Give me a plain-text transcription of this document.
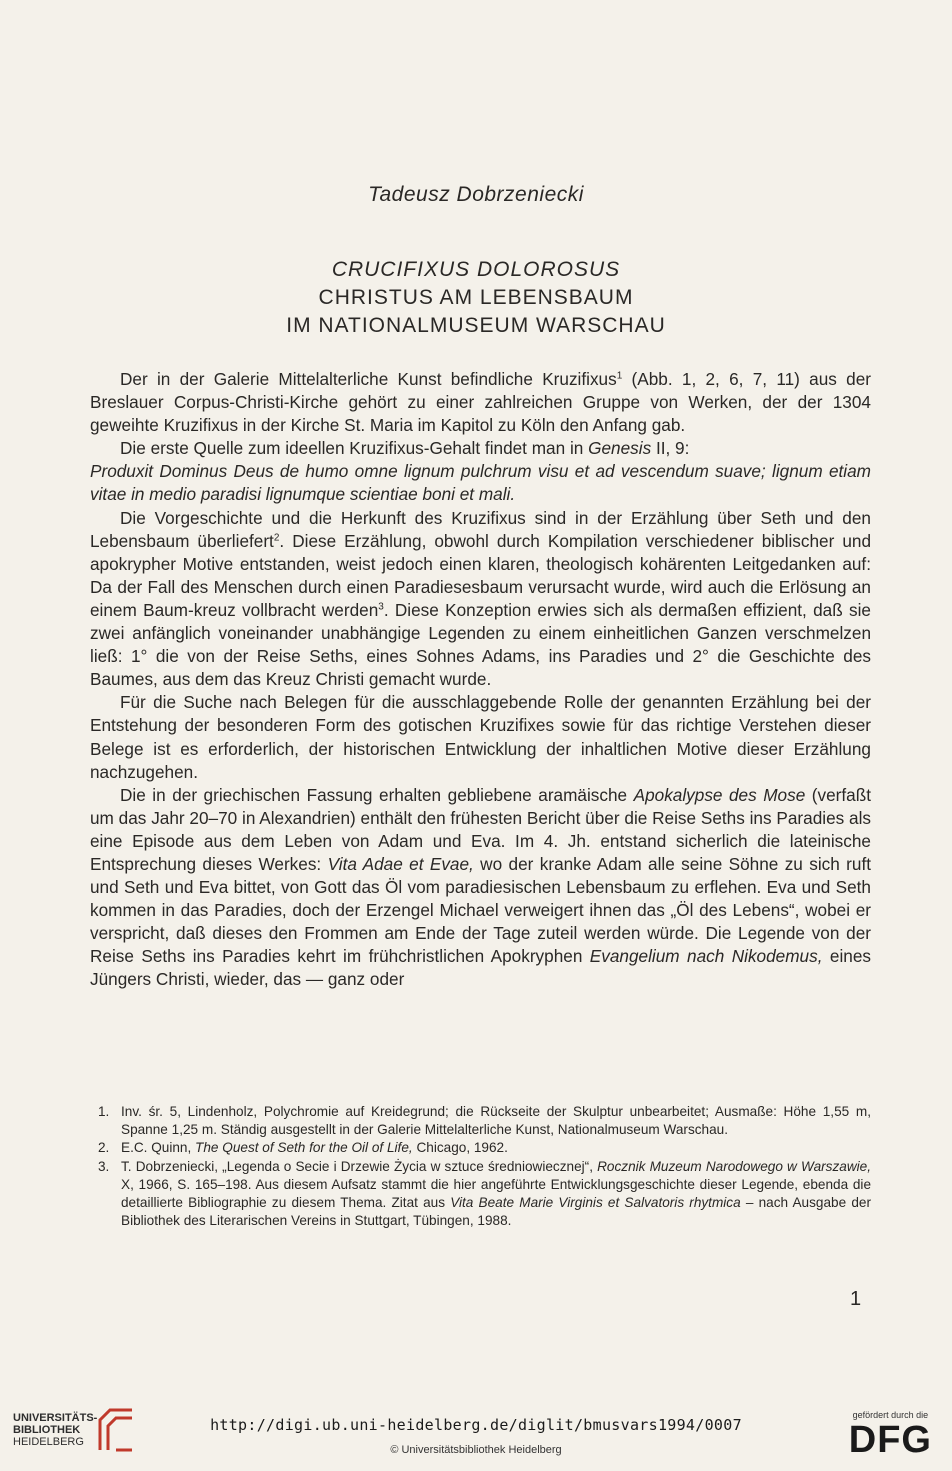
Tadeusz Dobrzeniecki
CRUCIFIXUS DOLOROSUS
CHRISTUS AM LEBENSBAUM
IM NATIONALMUSEUM WARSCHAU

Der in der Galerie Mittelalterliche Kunst befindliche Kruzifixus$^1$ (Abb. 1, 2, 6, 7, 11) aus der Breslauer Corpus-Christi-Kirche gehört zu einer zahlreichen Gruppe von Werken, der der 1304 geweihte Kruzifixus in der Kirche St. Maria im Kapitol zu Köln den Anfang gab.

Die erste Quelle zum ideellen Kruzifixus-Gehalt findet man in Genesis II, 9:

Produxit Dominus Deus de humo omne lignum pulchrum visu et ad vescendum suave; lignum etiam vitae in medio paradisi lignumque scientiae boni et mali.

Die Vorgeschichte und die Herkunft des Kruzifixus sind in der Erzählung über Seth und den Lebensbaum überliefert$^2$. Diese Erzählung, obwohl durch Kompilation verschiedener biblischer und apokrypher Motive entstanden, weist jedoch einen klaren, theologisch kohärenten Leitgedanken auf: Da der Fall des Menschen durch einen Paradiesesbaum verursacht wurde, wird auch die Erlösung an einem Baum-kreuz vollbracht werden$^3$. Diese Konzeption erwies sich als dermaßen effizient, daß sie zwei anfänglich voneinander unabhängige Legenden zu einem einheitlichen Ganzen verschmelzen ließ: 1° die von der Reise Seths, eines Sohnes Adams, ins Paradies und 2° die Geschichte des Baumes, aus dem das Kreuz Christi gemacht wurde.

Für die Suche nach Belegen für die ausschlaggebende Rolle der genannten Erzählung bei der Entstehung der besonderen Form des gotischen Kruzifixes sowie für das richtige Verstehen dieser Belege ist es erforderlich, der historischen Entwicklung der inhaltlichen Motive dieser Erzählung nachzugehen.

Die in der griechischen Fassung erhalten gebliebene aramäische Apokalypse des Mose (verfaßt um das Jahr 20–70 in Alexandrien) enthält den frühesten Bericht über die Reise Seths ins Paradies als eine Episode aus dem Leben von Adam und Eva. Im 4. Jh. entstand sicherlich die lateinische Entsprechung dieses Werkes: Vita Adae et Evae, wo der kranke Adam alle seine Söhne zu sich ruft und Seth und Eva bittet, von Gott das Öl vom paradiesischen Lebensbaum zu erflehen. Eva und Seth kommen in das Paradies, doch der Erzengel Michael verweigert ihnen das „Öl des Lebens“, wobei er verspricht, daß dieses den Frommen am Ende der Tage zuteil werden würde. Die Legende von der Reise Seths ins Paradies kehrt im frühchristlichen Apokryphen Evangelium nach Nikodemus, eines Jüngers Christi, wieder, das — ganz oder

1. Inv. śr. 5, Lindenholz, Polychromie auf Kreidegrund; die Rückseite der Skulptur unbearbeitet; Ausmaße: Höhe 1,55 m, Spanne 1,25 m. Ständig ausgestellt in der Galerie Mittelalterliche Kunst, Nationalmuseum Warschau.
2. E.C. Quinn, The Quest of Seth for the Oil of Life, Chicago, 1962.
3. T. Dobrzeniecki, „Legenda o Secie i Drzewie Życia w sztuce średniowiecznej“, Rocznik Muzeum Narodowego w Warszawie, X, 1966, S. 165–198. Aus diesem Aufsatz stammt die hier angeführte Entwicklungsgeschichte dieser Legende, ebenda die detaillierte Bibliographie zu diesem Thema. Zitat aus Vita Beate Marie Virginis et Salvatoris rhytmica – nach Ausgabe der Bibliothek des Literarischen Vereins in Stuttgart, Tübingen, 1988.
1
UNIVERSITÄTS-
BIBLIOTHEK
HEIDELBERG
http://digi.ub.uni-heidelberg.de/diglit/bmusvars1994/0007
© Universitätsbibliothek Heidelberg
gefördert durch die
DFG
